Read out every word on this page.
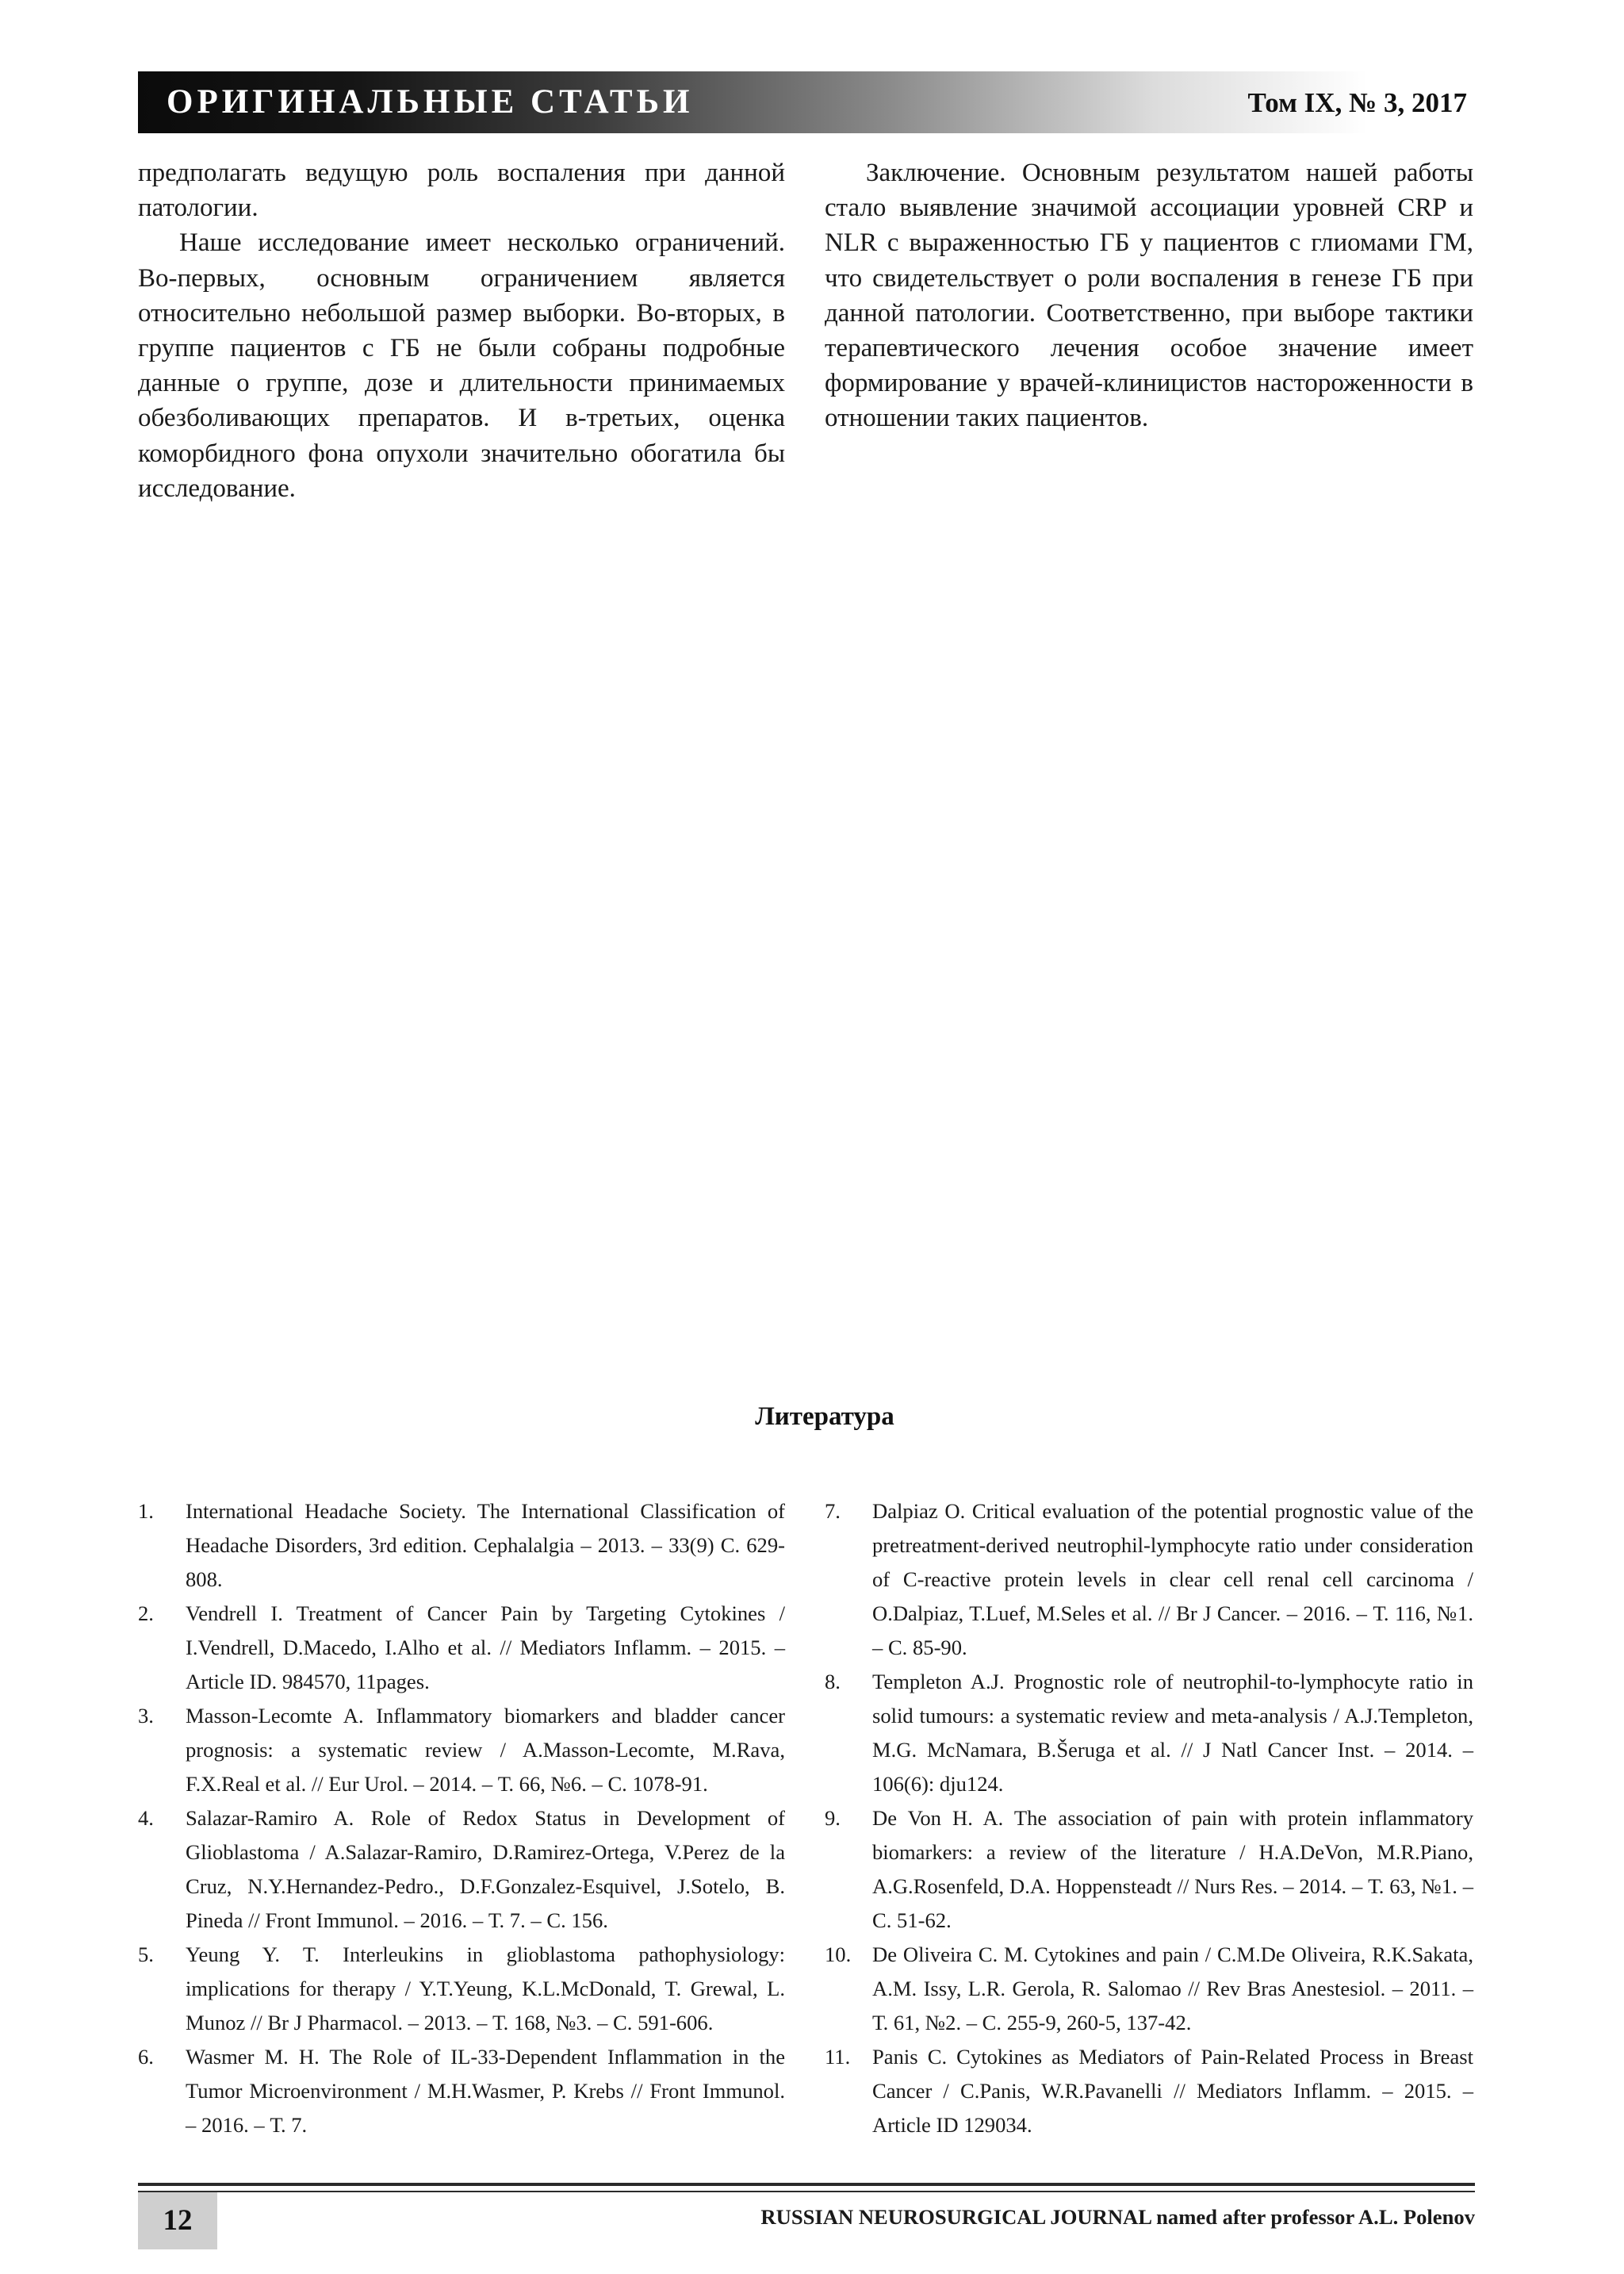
ОРИГИНАЛЬНЫЕ СТАТЬИ	Том IX, № 3, 2017

предполагать ведущую роль воспаления при данной патологии.

Наше исследование имеет несколько ограничений. Во-первых, основным ограничением является относительно небольшой размер выборки. Во-вторых, в группе пациентов с ГБ не были собраны подробные данные о группе, дозе и длительности принимаемых обезболивающих препаратов. И в-третьих, оценка коморбидного фона опухоли значительно обогатила бы исследование.

Заключение. Основным результатом нашей работы стало выявление значимой ассоциации уровней CRP и NLR с выраженностью ГБ у пациентов с глиомами ГМ, что свидетельствует о роли воспаления в генезе ГБ при данной патологии. Соответственно, при выборе тактики терапевтического лечения особое значение имеет формирование у врачей-клиницистов настороженности в отношении таких пациентов.

Литература
1. International Headache Society. The International Classification of Headache Disorders, 3rd edition. Cephalalgia – 2013. – 33(9) С. 629-808.
2. Vendrell I. Treatment of Cancer Pain by Targeting Cytokines / I.Vendrell, D.Macedo, I.Alho et al. // Mediators Inflamm. – 2015. – Article ID. 984570, 11pages.
3. Masson-Lecomte A. Inflammatory biomarkers and bladder cancer prognosis: a systematic review / A.Masson-Lecomte, M.Rava, F.X.Real et al. // Eur Urol. – 2014. – Т. 66, №6. – С. 1078-91.
4. Salazar-Ramiro A. Role of Redox Status in Development of Glioblastoma / A.Salazar-Ramiro, D.Ramirez-Ortega, V.Perez de la Cruz, N.Y.Hernandez-Pedro., D.F.Gonzalez-Esquivel, J.Sotelo, B. Pineda // Front Immunol. – 2016. – Т. 7. – С. 156.
5. Yeung Y. T. Interleukins in glioblastoma pathophysiology: implications for therapy / Y.T.Yeung, K.L.McDonald, T. Grewal, L. Munoz // Br J Pharmacol. – 2013. – Т. 168, №3. – С. 591-606.
6. Wasmer M. H. The Role of IL-33-Dependent Inflammation in the Tumor Microenvironment / M.H.Wasmer, P. Krebs // Front Immunol. – 2016. – Т. 7.
7. Dalpiaz O. Critical evaluation of the potential prognostic value of the pretreatment-derived neutrophil-lymphocyte ratio under consideration of C-reactive protein levels in clear cell renal cell carcinoma / O.Dalpiaz, T.Luef, M.Seles et al. // Br J Cancer. – 2016. – Т. 116, №1. – С. 85-90.
8. Templeton A.J. Prognostic role of neutrophil-to-lymphocyte ratio in solid tumours: a systematic review and meta-analysis / A.J.Templeton, M.G. McNamara, B.Šeruga et al. // J Natl Cancer Inst. – 2014. – 106(6): dju124.
9. De Von H. A. The association of pain with protein inflammatory biomarkers: a review of the literature / H.A.DeVon, M.R.Piano, A.G.Rosenfeld, D.A. Hoppensteadt // Nurs Res. – 2014. – Т. 63, №1. – С. 51-62.
10. De Oliveira C. M. Cytokines and pain / C.M.De Oliveira, R.K.Sakata, A.M. Issy, L.R. Gerola, R. Salomao // Rev Bras Anestesiol. – 2011. – Т. 61, №2. – С. 255-9, 260-5, 137-42.
11. Panis C. Cytokines as Mediators of Pain-Related Process in Breast Cancer / C.Panis, W.R.Pavanelli // Mediators Inflamm. – 2015. – Article ID 129034.
12	RUSSIAN NEUROSURGICAL JOURNAL named after professor A.L. Polenov
